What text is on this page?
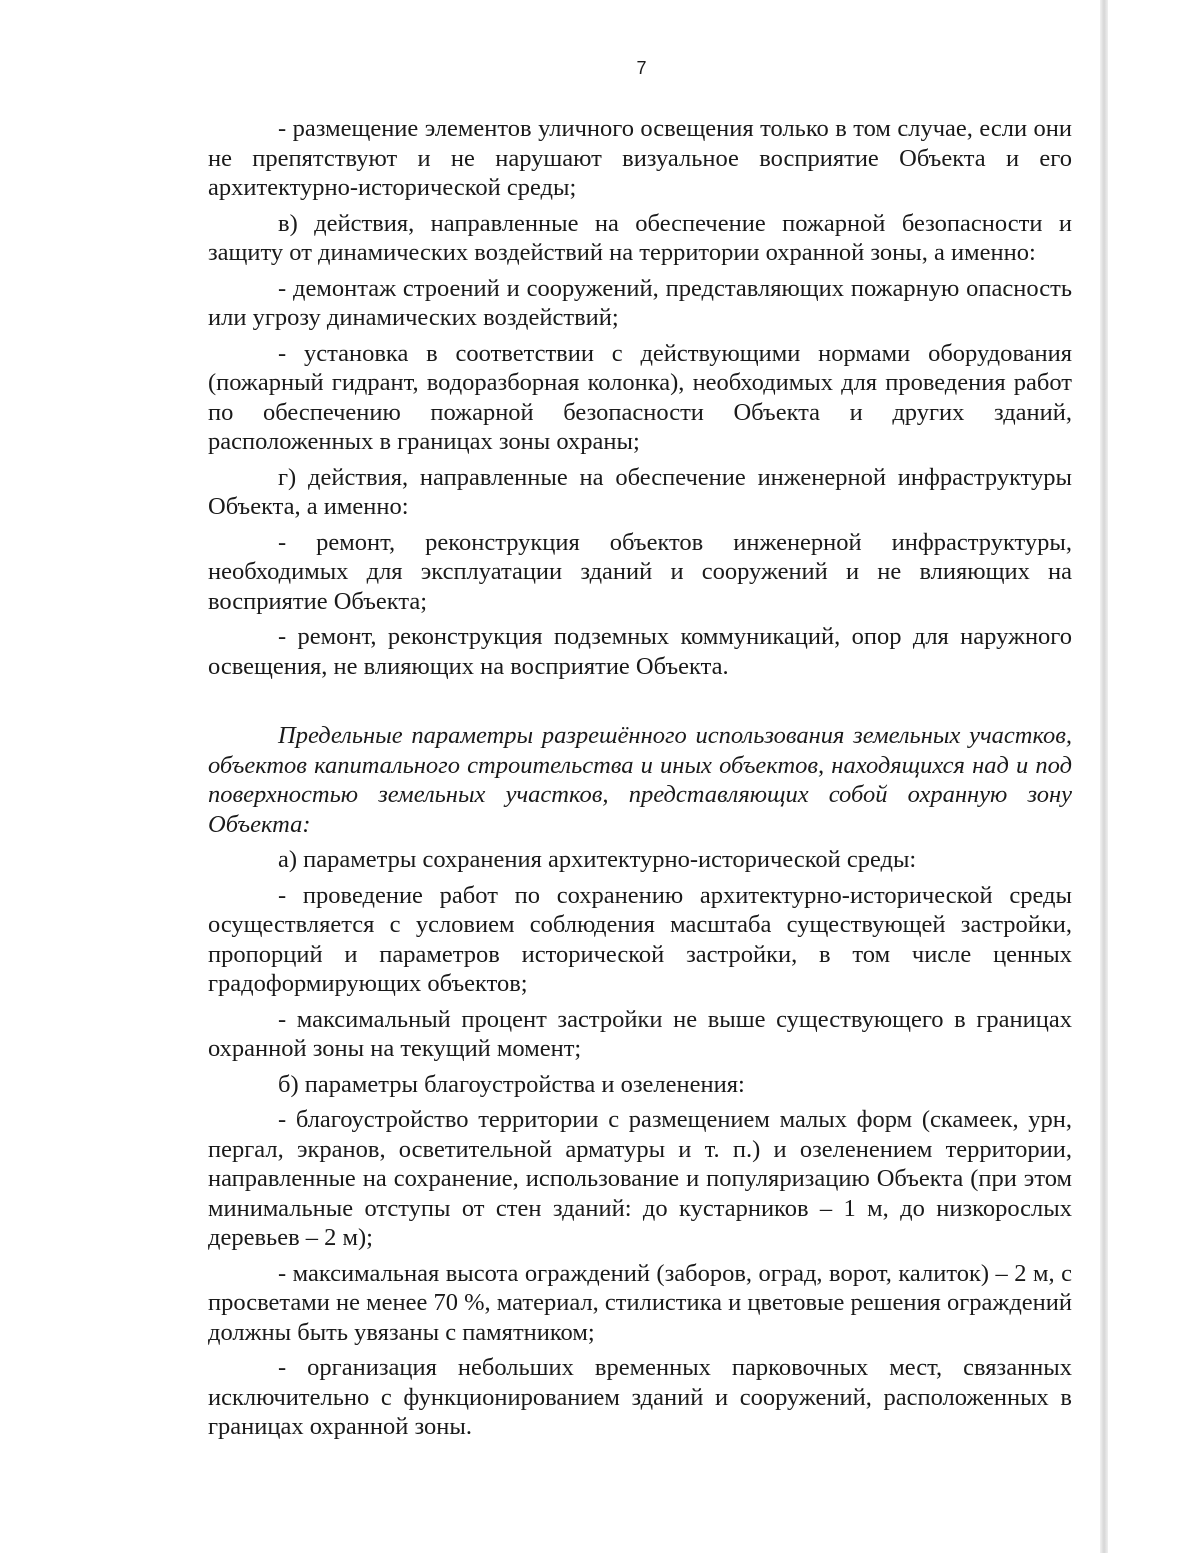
7

- размещение элементов уличного освещения только в том случае, если они не препятствуют и не нарушают визуальное восприятие Объекта и его архитектурно-исторической среды;

в) действия, направленные на обеспечение пожарной безопасности и защиту от динамических воздействий на территории охранной зоны, а именно:

- демонтаж строений и сооружений, представляющих пожарную опасность или угрозу динамических воздействий;

- установка в соответствии с действующими нормами оборудования (пожарный гидрант, водоразборная колонка), необходимых для проведения работ по обеспечению пожарной безопасности Объекта и других зданий, расположенных в границах зоны охраны;

г) действия, направленные на обеспечение инженерной инфраструктуры Объекта, а именно:

- ремонт, реконструкция объектов инженерной инфраструктуры, необходимых для эксплуатации зданий и сооружений и не влияющих на восприятие Объекта;

- ремонт, реконструкция подземных коммуникаций, опор для наружного освещения, не влияющих на восприятие Объекта.

Предельные параметры разрешённого использования земельных участков, объектов капитального строительства и иных объектов, находящихся над и под поверхностью земельных участков, представляющих собой охранную зону Объекта:

а) параметры сохранения архитектурно-исторической среды:

- проведение работ по сохранению архитектурно-исторической среды осуществляется с условием соблюдения масштаба существующей застройки, пропорций и параметров исторической застройки, в том числе ценных градоформирующих объектов;

- максимальный процент застройки не выше существующего в границах охранной зоны на текущий момент;

б) параметры благоустройства и озеленения:

- благоустройство территории с размещением малых форм (скамеек, урн, пергал, экранов, осветительной арматуры и т. п.) и озеленением территории, направленные на сохранение, использование и популяризацию Объекта (при этом минимальные отступы от стен зданий: до кустарников – 1 м, до низкорослых деревьев – 2 м);

- максимальная высота ограждений (заборов, оград, ворот, калиток) – 2 м, с просветами не менее 70 %, материал, стилистика и цветовые решения ограждений должны быть увязаны с памятником;

- организация небольших временных парковочных мест, связанных исключительно с функционированием зданий и сооружений, расположенных в границах охранной зоны.
